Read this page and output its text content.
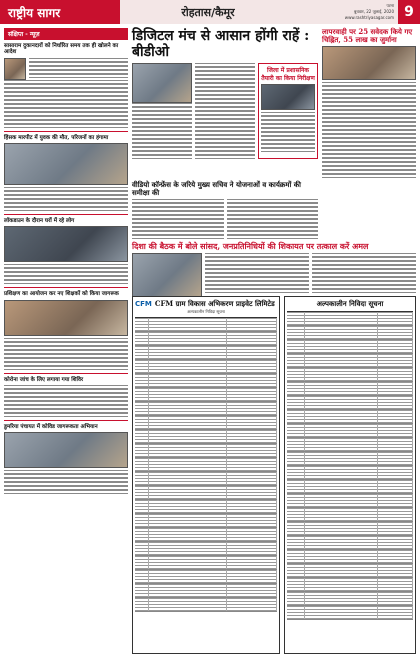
राष्ट्रीय सागर	रोहतास/कैमूर	पटना
बुधवार, 22 जुलाई, 2020
www.rashtriyasagar.com 9
संक्षिप्त - न्यूज़
सासाराम दुकानदारों को निर्धारित समय तक ही खोलने का आदेश
हिंसक मारपीट में युवक की मौत, परिजनों का हंगामा
लॉकडाउन के दौरान घरों में रहे लोग
प्रशिक्षण का आयोजन कर नए शिक्षकों को किया जागरूक
कोरोना जांच के लिए लगाया गया शिविर
डुमरिया पंचायत में कोविड जागरूकता अभियान
डिजिटल मंच से आसान होंगी राहें : बीडीओ
जिला में प्रशासनिक तैयारी का किया निरीक्षण
लापरवाही पर 25 सवेदक किये गए चिह्नित, 55 लाख का जुर्माना
वीडियो कॉन्फ्रेंस के जरिये मुख्य सचिव ने योजनाओं व कार्यक्रमों की समीक्षा की
दिशा की बैठक में बोले सांसद, जनप्रतिनिधियों की शिकायत पर तत्काल करें अमल
CFM CFM ग्राम विकास अभिकरण प्राइवेट लिमिटेड
अल्पकालीन निविदा सूचना
अल्पकालीन निविदा सूचना
